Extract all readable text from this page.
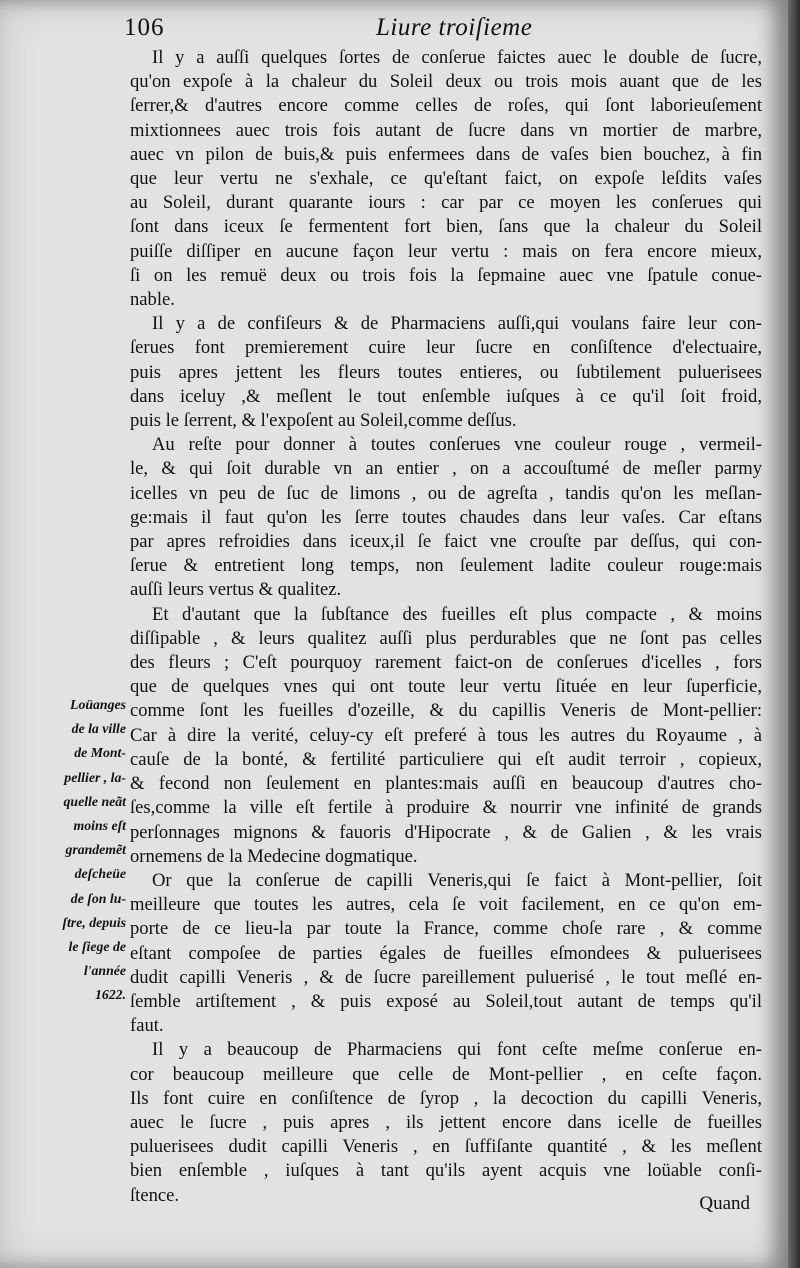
106	Liure troiſieme

Il y a auſſi quelques ſortes de conſerue faictes auec le double de ſucre,
qu'on expoſe à la chaleur du Soleil deux ou trois mois auant que de les
ſerrer,& d'autres encore comme celles de roſes, qui ſont laborieuſement
mixtionnees auec trois fois autant de ſucre dans vn mortier de marbre,
auec vn pilon de buis,& puis enfermees dans de vaſes bien bouchez, à fin
que leur vertu ne s'exhale, ce qu'eſtant faict, on expoſe leſdits vaſes
au Soleil, durant quarante iours : car par ce moyen les conſerues qui
ſont dans iceux ſe fermentent fort bien, ſans que la chaleur du Soleil
puiſſe diſſiper en aucune façon leur vertu : mais on fera encore mieux,
ſi on les remuë deux ou trois fois la ſepmaine auec vne ſpatule conue-
nable.

Il y a de confiſeurs & de Pharmaciens auſſi,qui voulans faire leur con-
ſerues font premierement cuire leur ſucre en conſiſtence d'electuaire,
puis apres jettent les fleurs toutes entieres, ou ſubtilement puluerisees
dans iceluy ,& meſlent le tout enſemble iuſques à ce qu'il ſoit froid,
puis le ſerrent, & l'expoſent au Soleil,comme deſſus.

Au reſte pour donner à toutes conſerues vne couleur rouge , vermeil-
le, & qui ſoit durable vn an entier , on a accouſtumé de meſler parmy
icelles vn peu de ſuc de limons , ou de agreſta , tandis qu'on les meſlan-
ge:mais il faut qu'on les ſerre toutes chaudes dans leur vaſes. Car eſtans
par apres refroidies dans iceux,il ſe faict vne crouſte par deſſus, qui con-
ſerue & entretient long temps, non ſeulement ladite couleur rouge:mais
auſſi leurs vertus & qualitez.

Et d'autant que la ſubſtance des fueilles eſt plus compacte , & moins
diſſipable , & leurs qualitez auſſi plus perdurables que ne ſont pas celles
des fleurs ; C'eſt pourquoy rarement faict-on de conſerues d'icelles , fors
que de quelques vnes qui ont toute leur vertu ſituée en leur ſuperficie,
comme ſont les fueilles d'ozeille, & du capillis Veneris de Mont-pellier:
Car à dire la verité, celuy-cy eſt preferé à tous les autres du Royaume , à
cauſe de la bonté, & fertilité particuliere qui eſt audit terroir , copieux,
& fecond non ſeulement en plantes:mais auſſi en beaucoup d'autres cho-
ſes,comme la ville eſt fertile à produire & nourrir vne infinité de grands
perſonnages mignons & fauoris d'Hipocrate , & de Galien , & les vrais
ornemens de la Medecine dogmatique.

Or que la conſerue de capilli Veneris,qui ſe faict à Mont-pellier, ſoit
meilleure que toutes les autres, cela ſe voit facilement, en ce qu'on em-
porte de ce lieu-la par toute la France, comme choſe rare , & comme
eſtant compoſee de parties égales de fueilles eſmondees & puluerisees
dudit capilli Veneris , & de ſucre pareillement puluerisé , le tout meſlé en-
ſemble artiſtement , & puis exposé au Soleil,tout autant de temps qu'il
faut.

Il y a beaucoup de Pharmaciens qui font ceſte meſme conſerue en-
cor beaucoup meilleure que celle de Mont-pellier , en ceſte façon.
Ils font cuire en conſiſtence de ſyrop , la decoction du capilli Veneris,
auec le ſucre , puis apres , ils jettent encore dans icelle de fueilles
puluerisees dudit capilli Veneris , en ſuffiſante quantité , & les meſlent
bien enſemble , iuſques à tant qu'ils ayent acquis vne loüable conſi-
ſtence.

Loüanges
de la ville
de Mont-
pellier , la-
quelle neãt
moins eſt
grandemẽt
deſcheüe
de ſon lu-
ſtre, depuis
le ſiege de
l'année
1622.
Quand
